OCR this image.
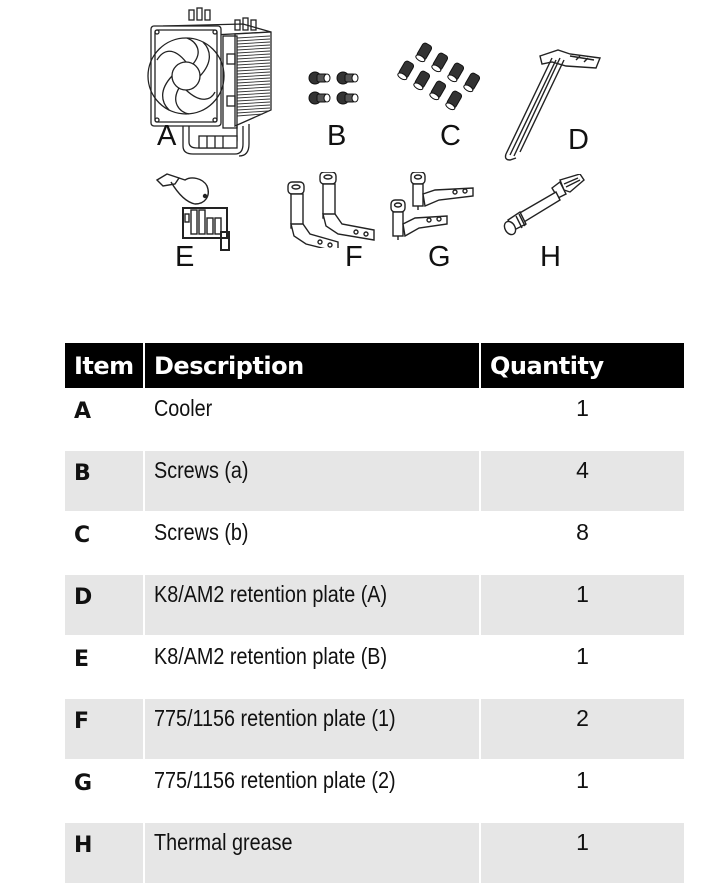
A	B	C	D
E	F G	H
Item	Description	Quantity
A	Cooler	1
B	Screws (a)	4
C	Screws (b)	8
D	K8/AM2 retention plate (A)	1
E	K8/AM2 retention plate (B)	1
F	775/1156 retention plate (1)	2
G	775/1156 retention plate (2)	1
H	Thermal grease	1
